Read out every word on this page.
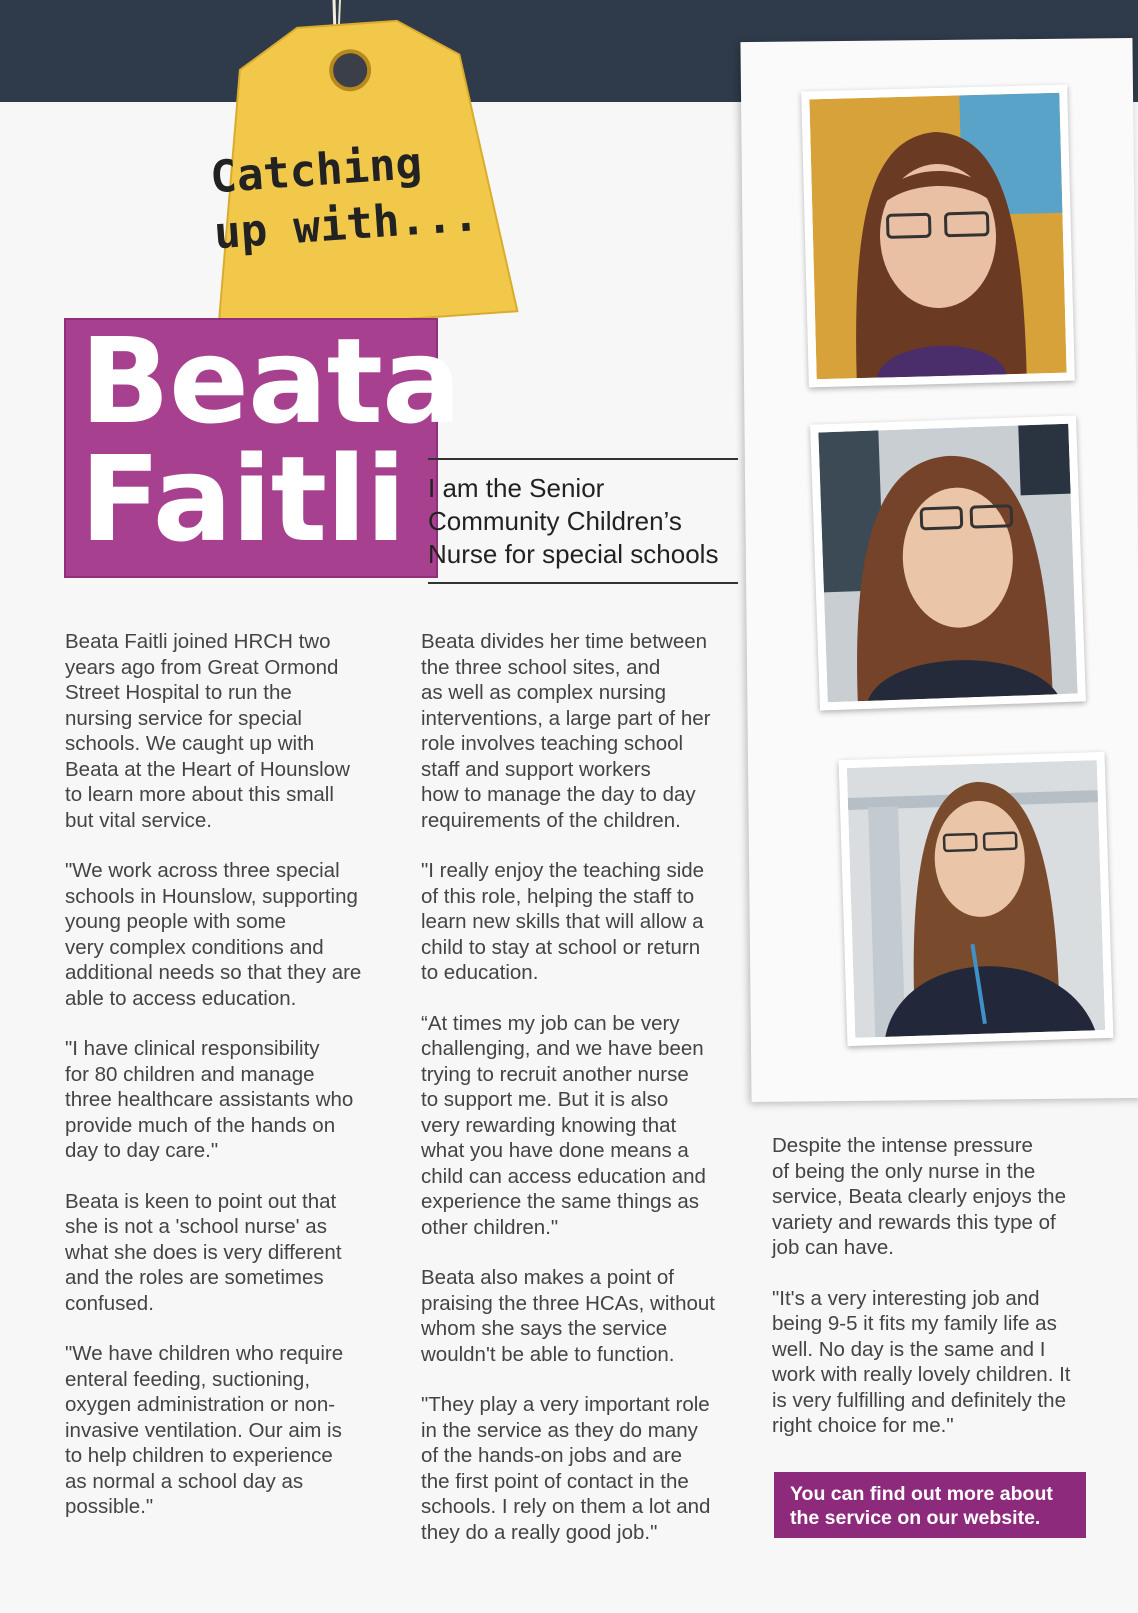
Catching
up with...
Beata
Faitli I am the Senior
Community Children’s
Nurse for special schools

Beata Faitli joined HRCH two
years ago from Great Ormond
Street Hospital to run the
nursing service for special
schools. We caught up with
Beata at the Heart of Hounslow
to learn more about this small
but vital service.

"We work across three special
schools in Hounslow, supporting
young people with some
very complex conditions and
additional needs so that they are
able to access education.

"I have clinical responsibility
for 80 children and manage
three healthcare assistants who
provide much of the hands on
day to day care."

Beata is keen to point out that
she is not a 'school nurse' as
what she does is very different
and the roles are sometimes
confused.

"We have children who require
enteral feeding, suctioning,
oxygen administration or non-
invasive ventilation. Our aim is
to help children to experience
as normal a school day as
possible."

Beata divides her time between
the three school sites, and
as well as complex nursing
interventions, a large part of her
role involves teaching school
staff and support workers
how to manage the day to day
requirements of the children.

"I really enjoy the teaching side
of this role, helping the staff to
learn new skills that will allow a
child to stay at school or return
to education.

“At times my job can be very
challenging, and we have been
trying to recruit another nurse
to support me. But it is also
very rewarding knowing that
what you have done means a
child can access education and
experience the same things as
other children."

Beata also makes a point of
praising the three HCAs, without
whom she says the service
wouldn't be able to function.

"They play a very important role
in the service as they do many
of the hands-on jobs and are
the first point of contact in the
schools. I rely on them a lot and
they do a really good job."

Despite the intense pressure
of being the only nurse in the
service, Beata clearly enjoys the
variety and rewards this type of
job can have.

"It's a very interesting job and
being 9-5 it fits my family life as
well. No day is the same and I
work with really lovely children. It
is very fulfilling and definitely the
right choice for me."

You can find out more about
the service on our website.
